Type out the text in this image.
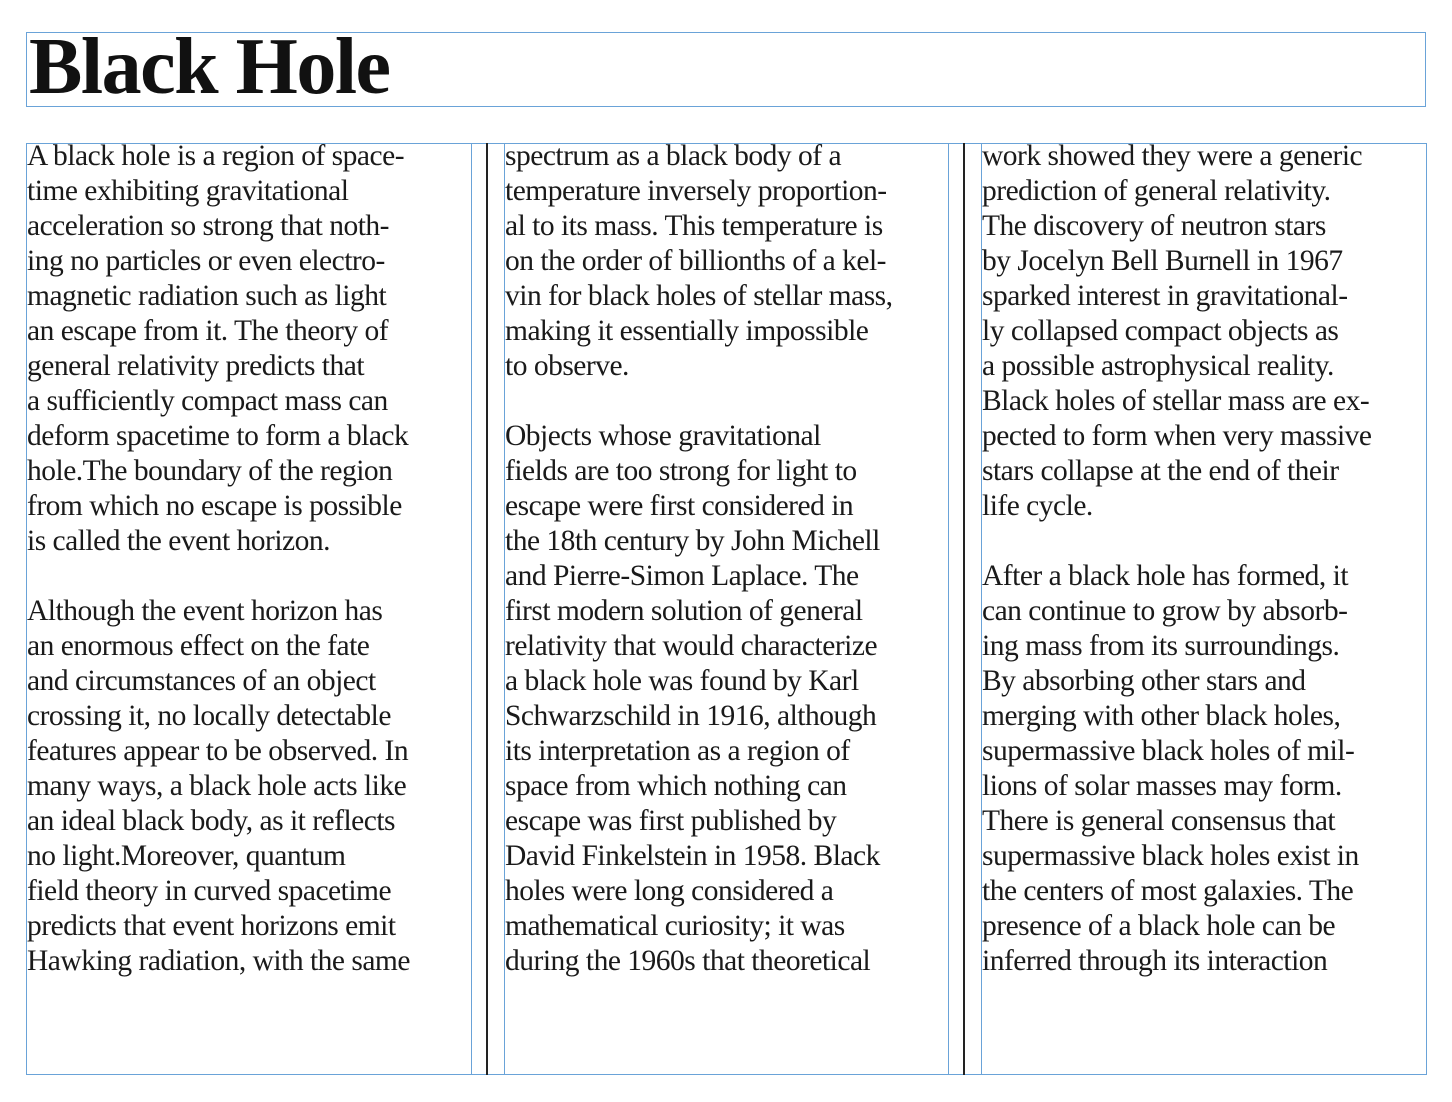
Black Hole
A black hole is a region of space-
time exhibiting gravitational
acceleration so strong that noth-
ing no particles or even electro-
magnetic radiation such as light
an escape from it. The theory of
general relativity predicts that
a sufficiently compact mass can
deform spacetime to form a black
hole.The boundary of the region
from which no escape is possible
is called the event horizon.
Although the event horizon has
an enormous effect on the fate
and circumstances of an object
crossing it, no locally detectable
features appear to be observed. In
many ways, a black hole acts like
an ideal black body, as it reflects
no light.Moreover, quantum
field theory in curved spacetime
predicts that event horizons emit
Hawking radiation, with the same
spectrum as a black body of a
temperature inversely proportion-
al to its mass. This temperature is
on the order of billionths of a kel-
vin for black holes of stellar mass,
making it essentially impossible
to observe.
Objects whose gravitational
fields are too strong for light to
escape were first considered in
the 18th century by John Michell
and Pierre-Simon Laplace. The
first modern solution of general
relativity that would characterize
a black hole was found by Karl
Schwarzschild in 1916, although
its interpretation as a region of
space from which nothing can
escape was first published by
David Finkelstein in 1958. Black
holes were long considered a
mathematical curiosity; it was
during the 1960s that theoretical
work showed they were a generic
prediction of general relativity.
The discovery of neutron stars
by Jocelyn Bell Burnell in 1967
sparked interest in gravitational-
ly collapsed compact objects as
a possible astrophysical reality.
Black holes of stellar mass are ex-
pected to form when very massive
stars collapse at the end of their
life cycle.
After a black hole has formed, it
can continue to grow by absorb-
ing mass from its surroundings.
By absorbing other stars and
merging with other black holes,
supermassive black holes of mil-
lions of solar masses may form.
There is general consensus that
supermassive black holes exist in
the centers of most galaxies. The
presence of a black hole can be
inferred through its interaction
